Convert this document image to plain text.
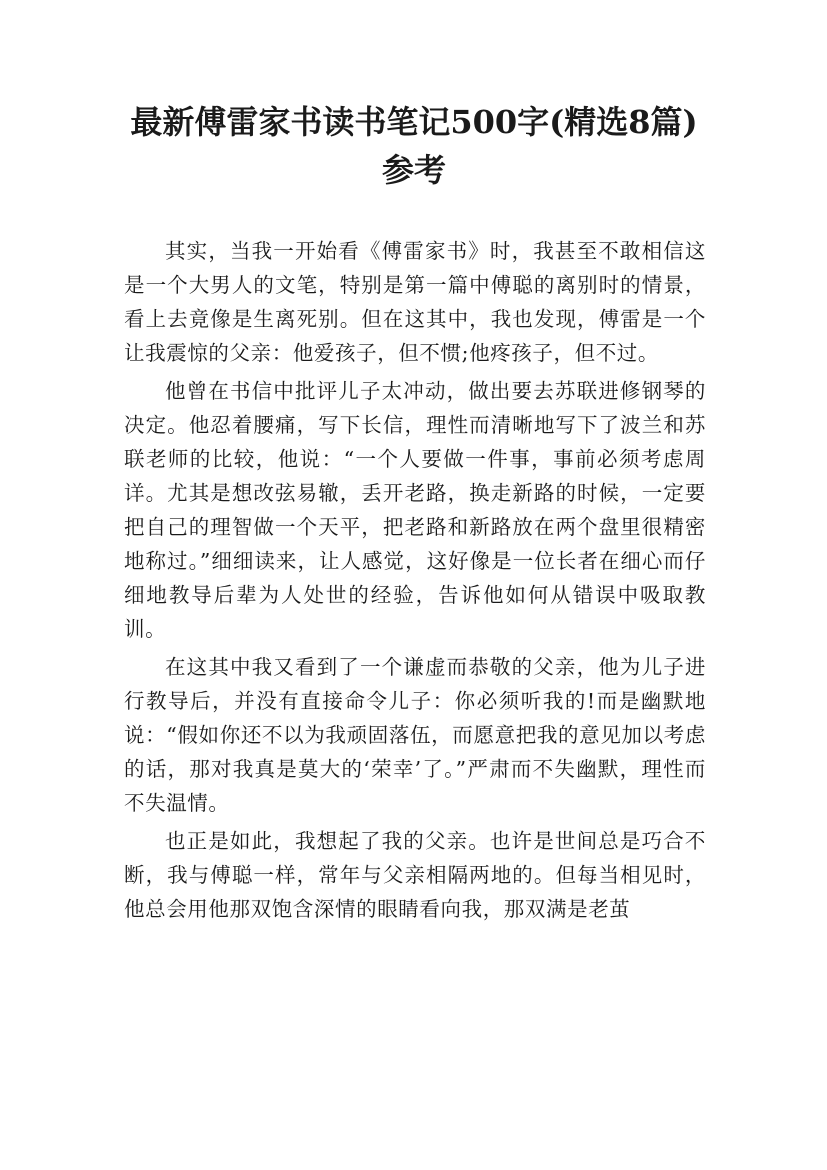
最新傅雷家书读书笔记500字(精选8篇)参考

其实，当我一开始看《傅雷家书》时，我甚至不敢相信这是一个大男人的文笔，特别是第一篇中傅聪的离别时的情景，看上去竟像是生离死别。但在这其中，我也发现，傅雷是一个让我震惊的父亲：他爱孩子，但不惯;他疼孩子，但不过。

他曾在书信中批评儿子太冲动，做出要去苏联进修钢琴的决定。他忍着腰痛，写下长信，理性而清晰地写下了波兰和苏联老师的比较，他说：“一个人要做一件事，事前必须考虑周详。尤其是想改弦易辙，丢开老路，换走新路的时候，一定要把自己的理智做一个天平，把老路和新路放在两个盘里很精密地称过。”细细读来，让人感觉，这好像是一位长者在细心而仔细地教导后辈为人处世的经验，告诉他如何从错误中吸取教训。

在这其中我又看到了一个谦虚而恭敬的父亲，他为儿子进行教导后，并没有直接命令儿子：你必须听我的!而是幽默地说：“假如你还不以为我顽固落伍，而愿意把我的意见加以考虑的话，那对我真是莫大的‘荣幸’了。”严肃而不失幽默，理性而不失温情。

也正是如此，我想起了我的父亲。也许是世间总是巧合不断，我与傅聪一样，常年与父亲相隔两地的。但每当相见时，他总会用他那双饱含深情的眼睛看向我，那双满是老茧
